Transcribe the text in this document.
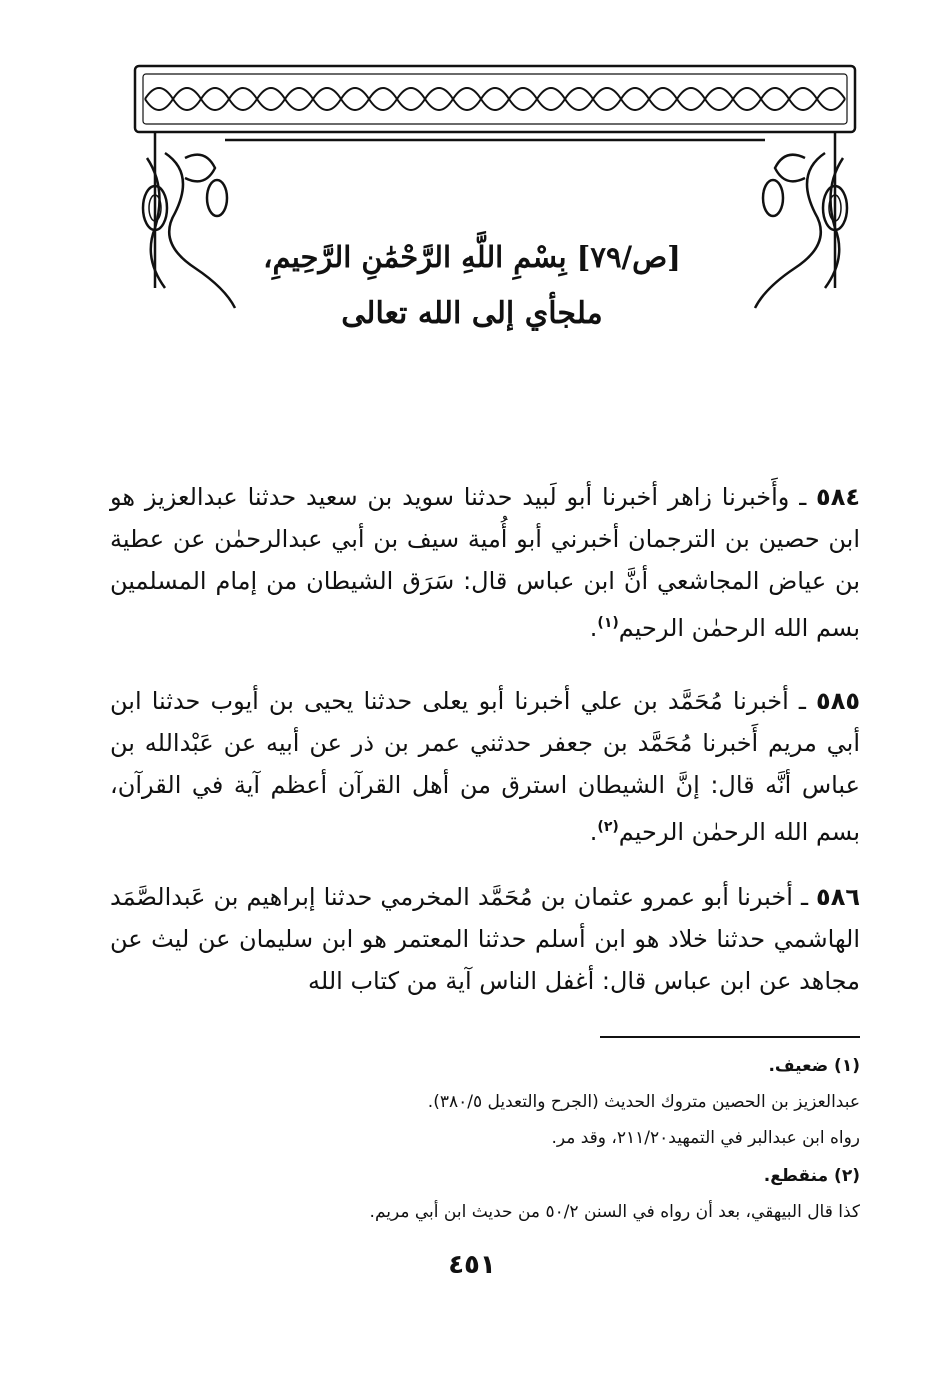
[ص/٧٩] بِسْمِ اللَّهِ الرَّحْمَٰنِ الرَّحِيمِ،
ملجأي إلى الله تعالى

٥٨٤ ـ وأَخبرنا زاهر أخبرنا أبو لَبيد حدثنا سويد بن سعيد حدثنا عبدالعزيز هو ابن حصين بن الترجمان أخبرني أبو أُمية سيف بن أبي عبدالرحمٰن عن عطية بن عياض المجاشعي أنَّ ابن عباس قال: سَرَق الشيطان من إمام المسلمين بسم الله الرحمٰن الرحيم$^{(١)}$.

٥٨٥ ـ أخبرنا مُحَمَّد بن علي أخبرنا أبو يعلى حدثنا يحيى بن أيوب حدثنا ابن أبي مريم أَخبرنا مُحَمَّد بن جعفر حدثني عمر بن ذر عن أبيه عن عَبْدالله بن عباس أنَّه قال: إنَّ الشيطان استرق من أهل القرآن أعظم آية في القرآن، بسم الله الرحمٰن الرحيم$^{(٢)}$.

٥٨٦ ـ أخبرنا أبو عمرو عثمان بن مُحَمَّد المخرمي حدثنا إبراهيم بن عَبدالصَّمَد الهاشمي حدثنا خلاد هو ابن أسلم حدثنا المعتمر هو ابن سليمان عن ليث عن مجاهد عن ابن عباس قال: أغفل الناس آية من كتاب الله

(١) ضعيف.
عبدالعزيز بن الحصين متروك الحديث (الجرح والتعديل ٣٨٠/٥).
رواه ابن عبدالبر في التمهيد٢١١/٢٠، وقد مر.
(٢) منقطع.
كذا قال البيهقي، بعد أن رواه في السنن ٥٠/٢ من حديث ابن أبي مريم.
٤٥١
